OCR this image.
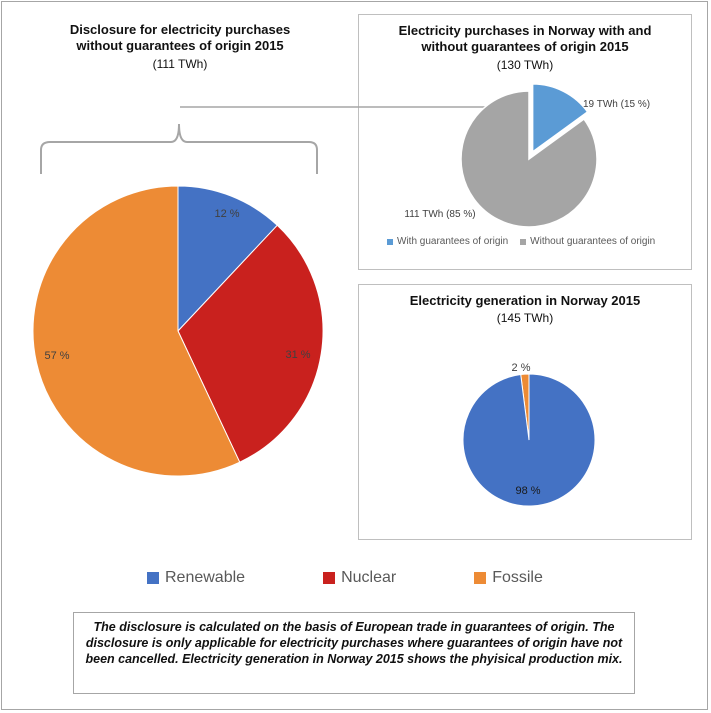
Disclosure for electricity purchases without guarantees of origin 2015
(111 TWh)
Electricity purchases in Norway with and without guarantees of origin 2015
(130 TWh)
With guarantees of origin Without guarantees of origin
Electricity generation in Norway 2015
(145 TWh)
12 %
31 %
57 %
19 TWh (15 %)
111 TWh (85 %)
2 %
98 %
Renewable	Nuclear	Fossile
The disclosure is calculated on the basis of European trade in guarantees of origin. The disclosure is only applicable for electricity purchases where guarantees of origin have not been cancelled. Electricity generation in Norway 2015 shows the phyisical production mix.
